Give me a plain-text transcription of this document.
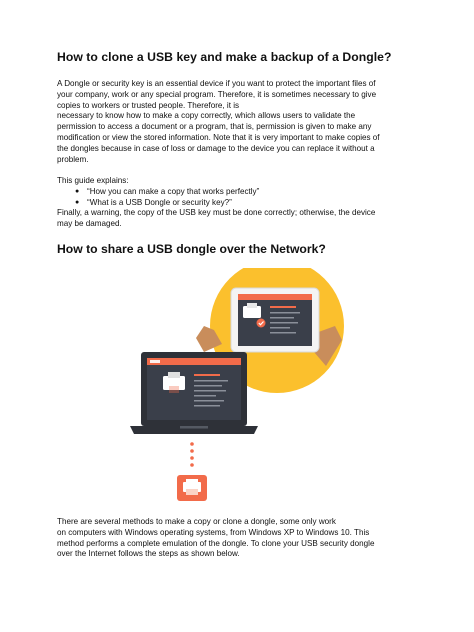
How to clone a USB key and make a backup of a Dongle?
A Dongle or security key is an essential device if you want to protect the important files of
your company, work or any special program. Therefore, it is sometimes necessary to give
copies to workers or trusted people. Therefore, it is
necessary to know how to make a copy correctly, which allows users to validate the
permission to access a document or a program, that is, permission is given to make any
modification or view the stored information. Note that it is very important to make copies of
the dongles because in case of loss or damage to the device you can replace it without a
problem.
This guide explains:
● “How you can make a copy that works perfectly”
● “What is a USB Dongle or security key?”
Finally, a warning, the copy of the USB key must be done correctly; otherwise, the device
may be damaged.
How to share a USB dongle over the Network?
There are several methods to make a copy or clone a dongle, some only work
on computers with Windows operating systems, from Windows XP to Windows 10. This
method performs a complete emulation of the dongle. To clone your USB security dongle
over the Internet follows the steps as shown below.
